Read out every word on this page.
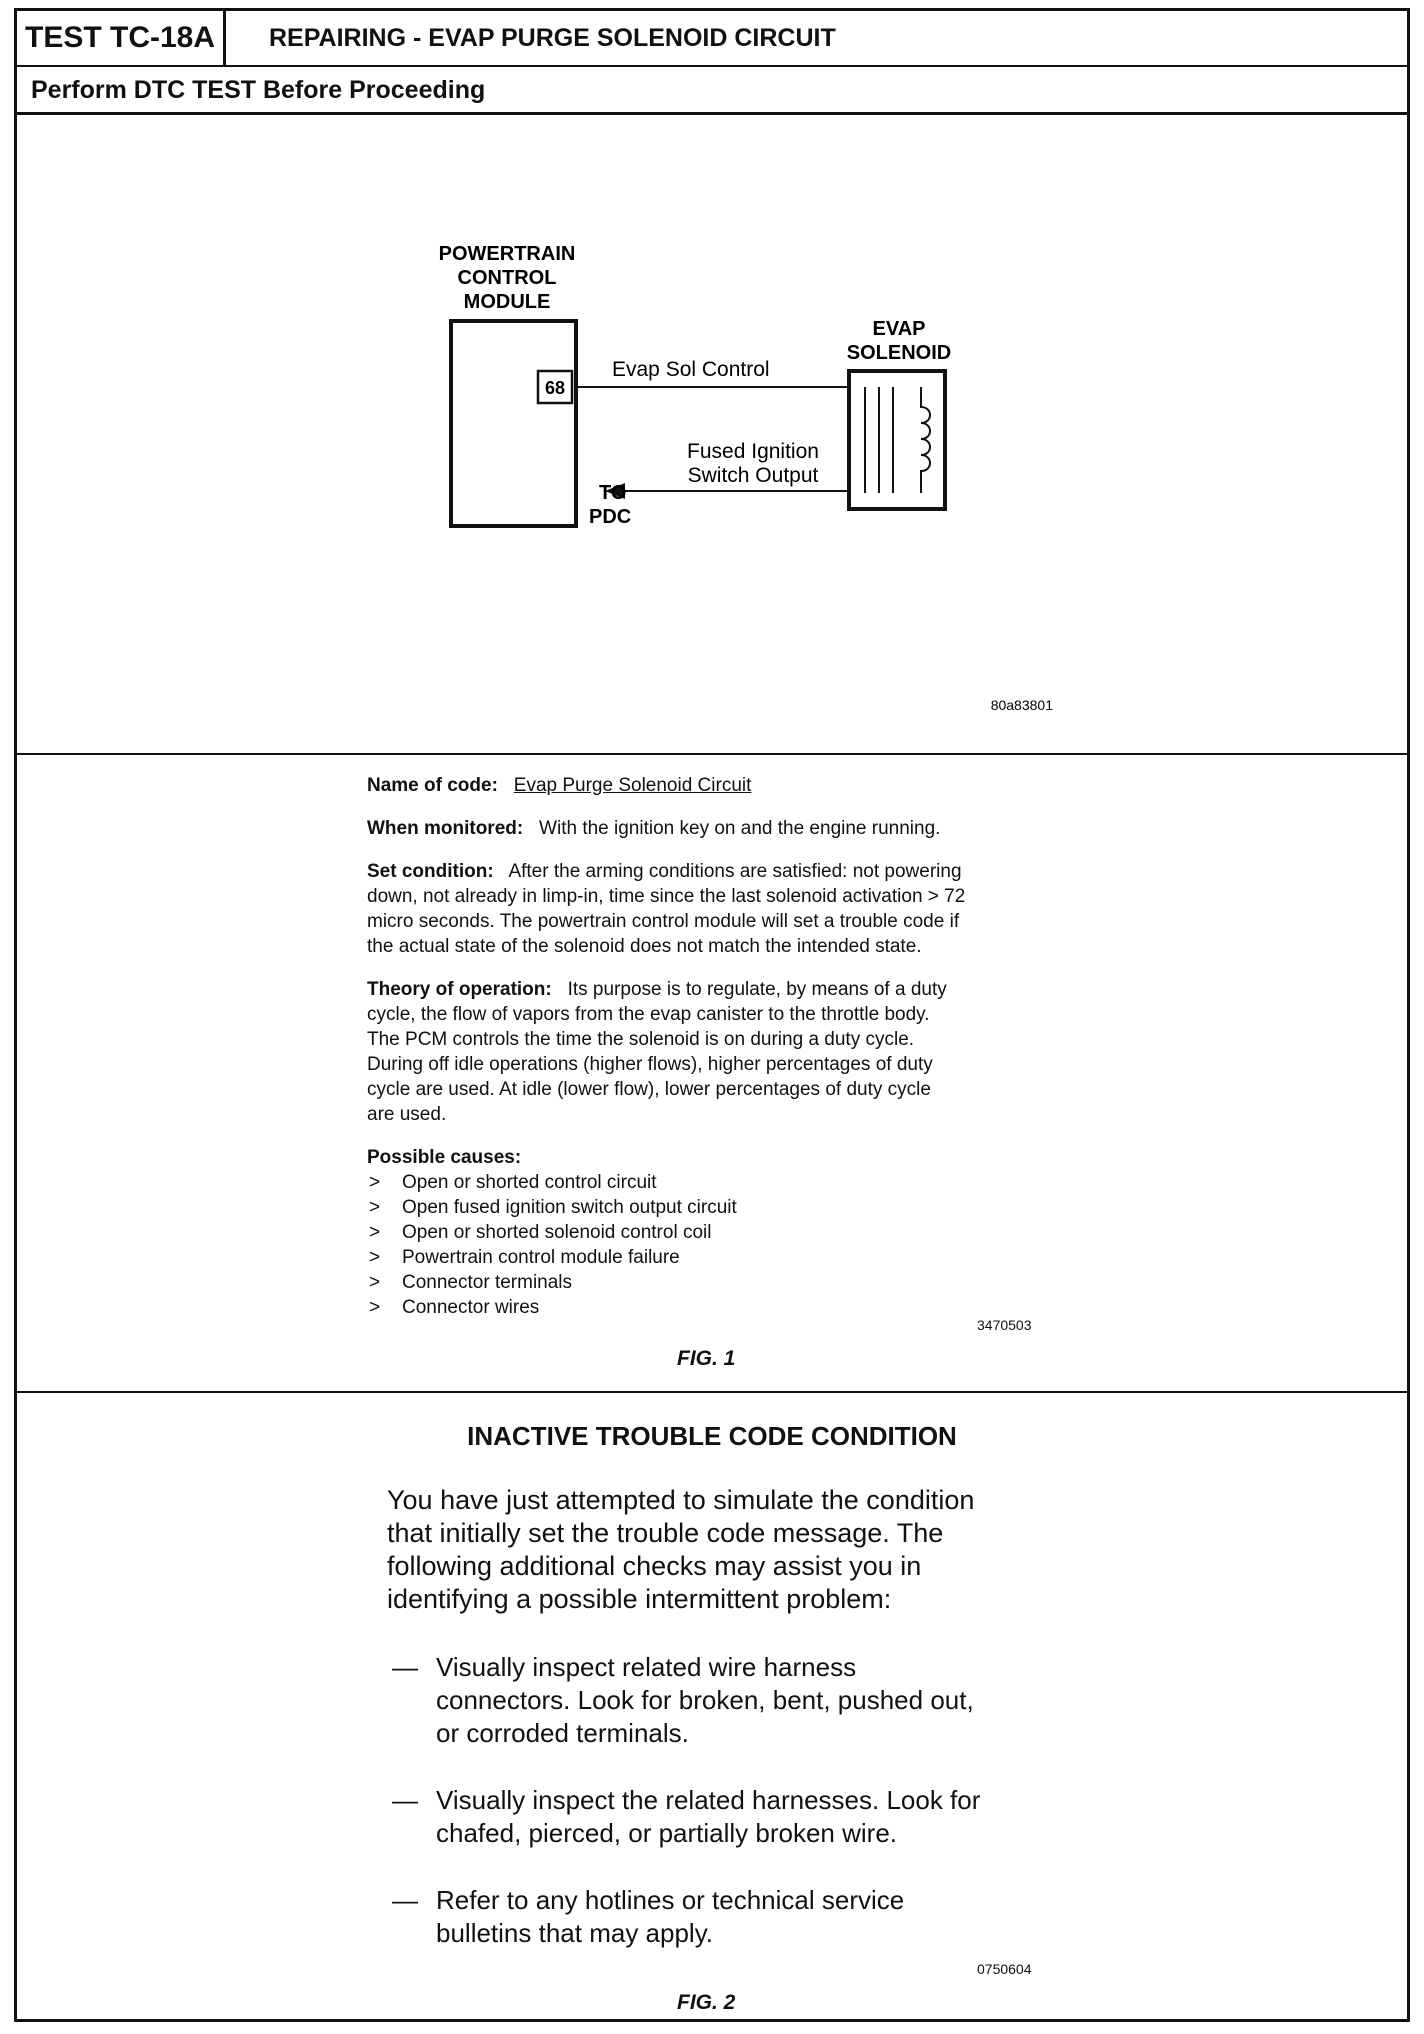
TEST TC-18A	REPAIRING - EVAP PURGE SOLENOID CIRCUIT
Perform DTC TEST Before Proceeding
POWERTRAIN
CONTROL
MODULE
68
Evap Sol Control
EVAP
SOLENOID
Fused Ignition
Switch Output
TO
PDC
80a83801

Name of code: Evap Purge Solenoid Circuit

When monitored: With the ignition key on and the engine running.

Set condition: After the arming conditions are satisfied: not powering
down, not already in limp-in, time since the last solenoid activation > 72
micro seconds. The powertrain control module will set a trouble code if
the actual state of the solenoid does not match the intended state.

Theory of operation: Its purpose is to regulate, by means of a duty
cycle, the flow of vapors from the evap canister to the throttle body.
The PCM controls the time the solenoid is on during a duty cycle.
During off idle operations (higher flows), higher percentages of duty
cycle are used. At idle (lower flow), lower percentages of duty cycle
are used.

Possible causes:
> Open or shorted control circuit
> Open fused ignition switch output circuit
> Open or shorted solenoid control coil
> Powertrain control module failure
> Connector terminals
> Connector wires
3470503
FIG. 1
INACTIVE TROUBLE CODE CONDITION
You have just attempted to simulate the condition
that initially set the trouble code message. The
following additional checks may assist you in
identifying a possible intermittent problem:
— Visually inspect related wire harness
connectors. Look for broken, bent, pushed out,
or corroded terminals.
— Visually inspect the related harnesses. Look for
chafed, pierced, or partially broken wire.
— Refer to any hotlines or technical service
bulletins that may apply.
0750604
FIG. 2
